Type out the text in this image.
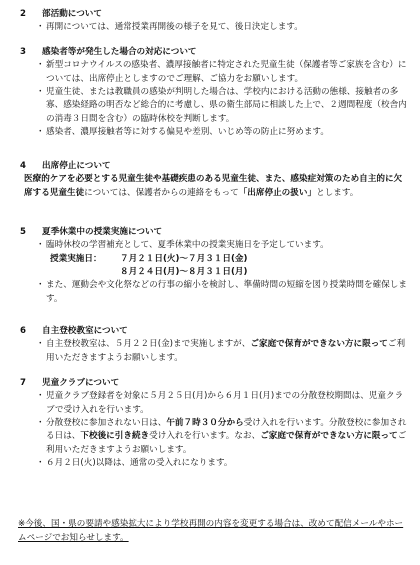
2	部活動について
・ 再開については、通常授業再開後の様子を見て、後日決定します。
3	感染者等が発生した場合の対応について
・ 新型コロナウイルスの感染者、濃厚接触者に特定された児童生徒（保護者等ご家族を含む）については、出席停止としますのでご理解、ご協力をお願いします。
・ 児童生徒、または教職員の感染が判明した場合は、学校内における活動の態様、接触者の多寡、感染経路の明否など総合的に考慮し、県の衛生部局に相談した上で、２週間程度（校舎内の消毒３日間を含む）の臨時休校を判断します。
・ 感染者、濃厚接触者等に対する偏見や差別、いじめ等の防止に努めます。
4	出席停止について
医療的ケアを必要とする児童生徒や基礎疾患のある児童生徒、また、感染症対策のため自主的に欠席する児童生徒については、保護者からの連絡をもって「出席停止の扱い」とします。
5	夏季休業中の授業実施について
・ 臨時休校の学習補充として、夏季休業中の授業実施日を予定しています。
授業実施日：	７月２１日(火)～７月３１日(金)
８月２４日(月)～８月３１日(月)
・ また、運動会や文化祭などの行事の縮小を検討し、準備時間の短縮を図り授業時間を確保します。
6	自主登校教室について
・ 自主登校教室は、５月２２日(金)まで実施しますが、ご家庭で保育ができない方に限ってご利用いただきますようお願いします。
7	児童クラブについて
・ 児童クラブ登録者を対象に５月２５日(月)から６月１日(月)までの分散登校期間は、児童クラブで受け入れを行います。
・ 分散登校に参加されない日は、午前７時３０分から受け入れを行います。分散登校に参加される日は、下校後に引き続き受け入れを行います。なお、ご家庭で保育ができない方に限ってご利用いただきますようお願いします。
・ ６月２日(火)以降は、通常の受入れになります。
※今後、国・県の要請や感染拡大により学校再開の内容を変更する場合は、改めて配信メールやホームページでお知らせします。
